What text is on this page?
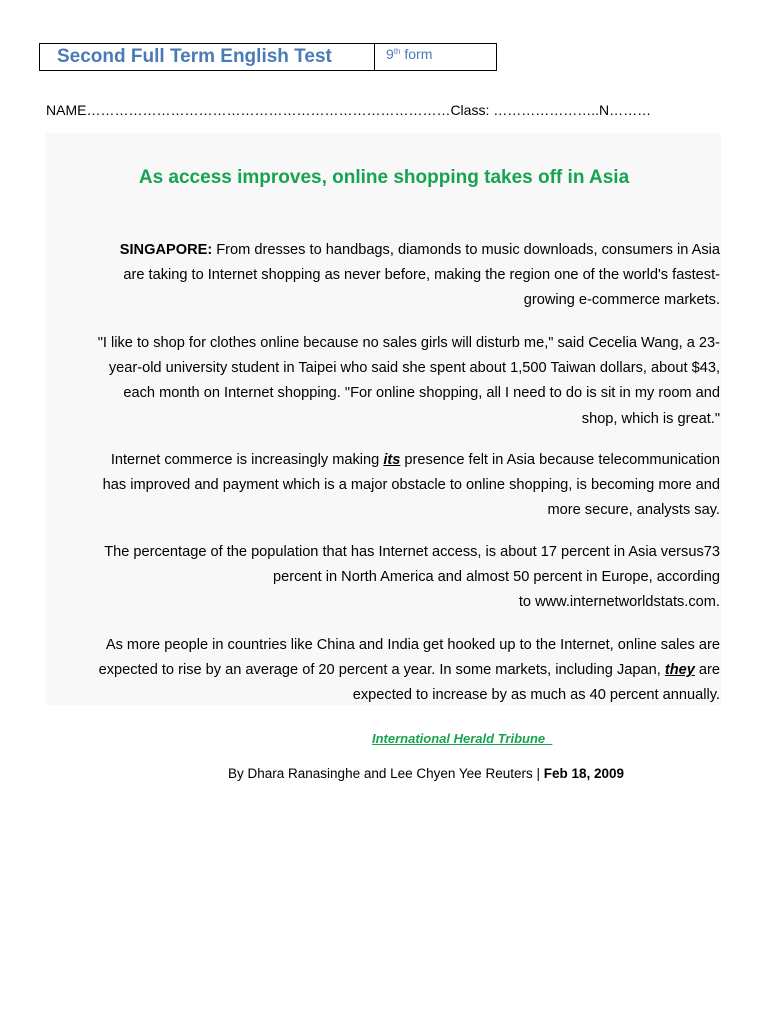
Second Full Term English Test	9th form
NAME……………………………………………………………………Class: …………………..N………
As access improves, online shopping takes off in Asia
SINGAPORE: From dresses to handbags, diamonds to music downloads, consumers in Asia
are taking to Internet shopping as never before, making the region one of the world's fastest-
growing e-commerce markets.
"I like to shop for clothes online because no sales girls will disturb me," said Cecelia Wang, a 23-
year-old university student in Taipei who said she spent about 1,500 Taiwan dollars, about $43,
each month on Internet shopping. "For online shopping, all I need to do is sit in my room and
shop, which is great."
Internet commerce is increasingly making its presence felt in Asia because telecommunication
has improved and payment which is a major obstacle to online shopping, is becoming more and
more secure, analysts say.
The percentage of the population that has Internet access, is about 17 percent in Asia versus73
percent in North America and almost 50 percent in Europe, according
to www.internetworldstats.com.
As more people in countries like China and India get hooked up to the Internet, online sales are
expected to rise by an average of 20 percent a year. In some markets, including Japan, they are
expected to increase by as much as 40 percent annually.
International Herald Tribune
By Dhara Ranasinghe and Lee Chyen Yee Reuters | Feb 18, 2009
